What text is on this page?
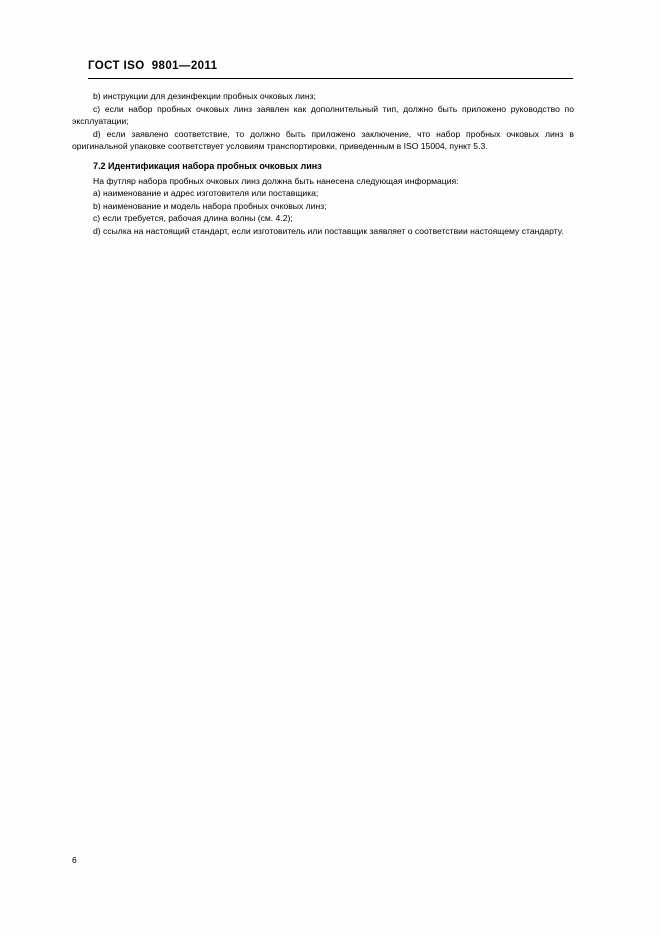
ГОСТ ISO  9801—2011

b) инструкции для дезинфекции пробных очковых линз;

c) если набор пробных очковых линз заявлен как дополнительный тип, должно быть приложено руководство по эксплуатации;

d) если заявлено соответствие, то должно быть приложено заключение, что набор пробных очковых линз в оригинальной упаковке соответствует условиям транспортировки, приведенным в ISO 15004, пункт 5.3.

7.2 Идентификация набора пробных очковых линз

На футляр набора пробных очковых линз должна быть нанесена следующая информация:

a) наименование и адрес изготовителя или поставщика;

b) наименование и модель набора пробных очковых линз;

c) если требуется, рабочая длина волны (см. 4.2);

d) ссылка на настоящий стандарт, если изготовитель или поставщик заявляет о соответствии настоящему стандарту.

6
